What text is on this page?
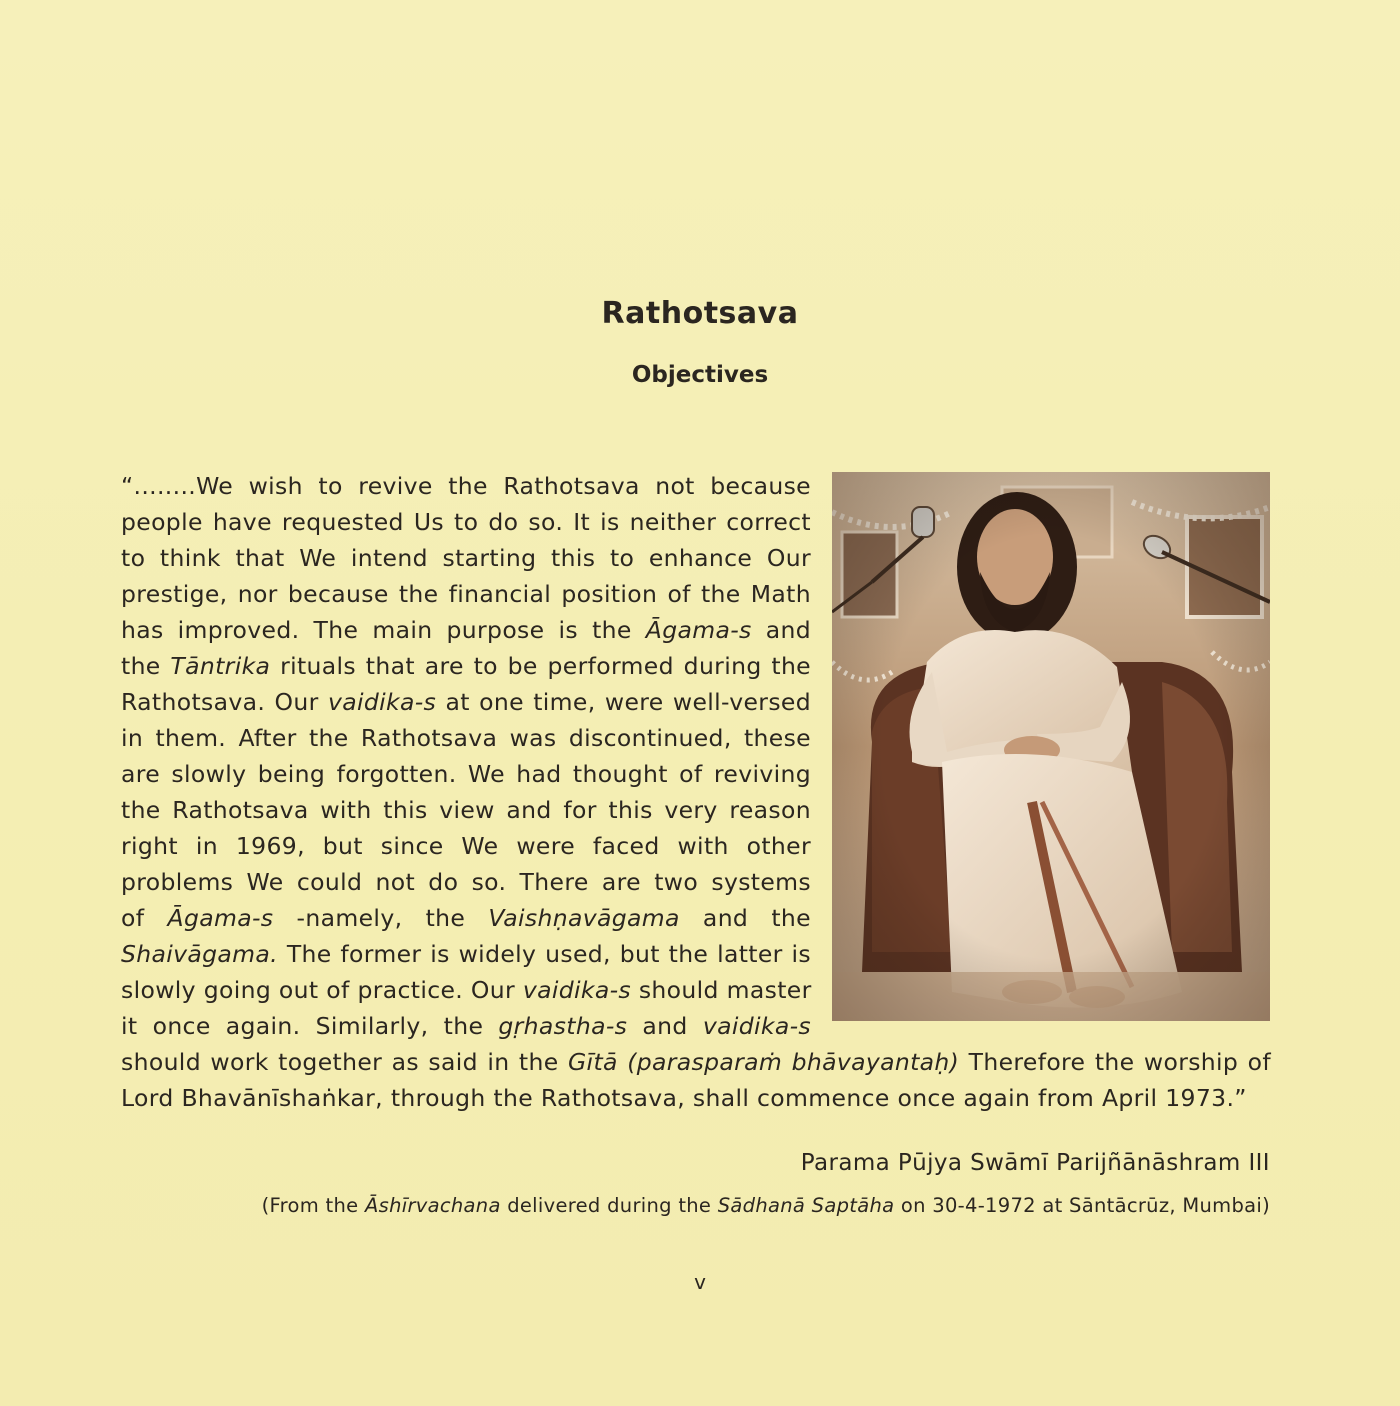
Rathotsava
Objectives
“........We wish to revive the Rathotsava not because
people have requested Us to do so. It is neither correct
to think that We intend starting this to enhance Our
prestige, nor because the financial position of the Math
has improved. The main purpose is the Āgama-s and
the Tāntrika rituals that are to be performed during the
Rathotsava. Our vaidika-s at one time, were well-versed
in them. After the Rathotsava was discontinued, these
are slowly being forgotten. We had thought of reviving
the Rathotsava with this view and for this very reason
right in 1969, but since We were faced with other
problems We could not do so. There are two systems
of Āgama-s -namely, the Vaishṇavāgama and the
Shaivāgama. The former is widely used, but the latter is
slowly going out of practice. Our vaidika-s should master
it once again. Similarly, the gṛhastha-s and vaidika-s
should work together as said in the Gītā (parasparaṁ bhāvayantaḥ) Therefore the worship of
Lord Bhavānīshaṅkar, through the Rathotsava, shall commence once again from April 1973.”
Parama Pūjya Swāmī Parijñānāshram III
(From the Āshīrvachana delivered during the Sādhanā Saptāha on 30-4-1972 at Sāntācrūz, Mumbai)
v
